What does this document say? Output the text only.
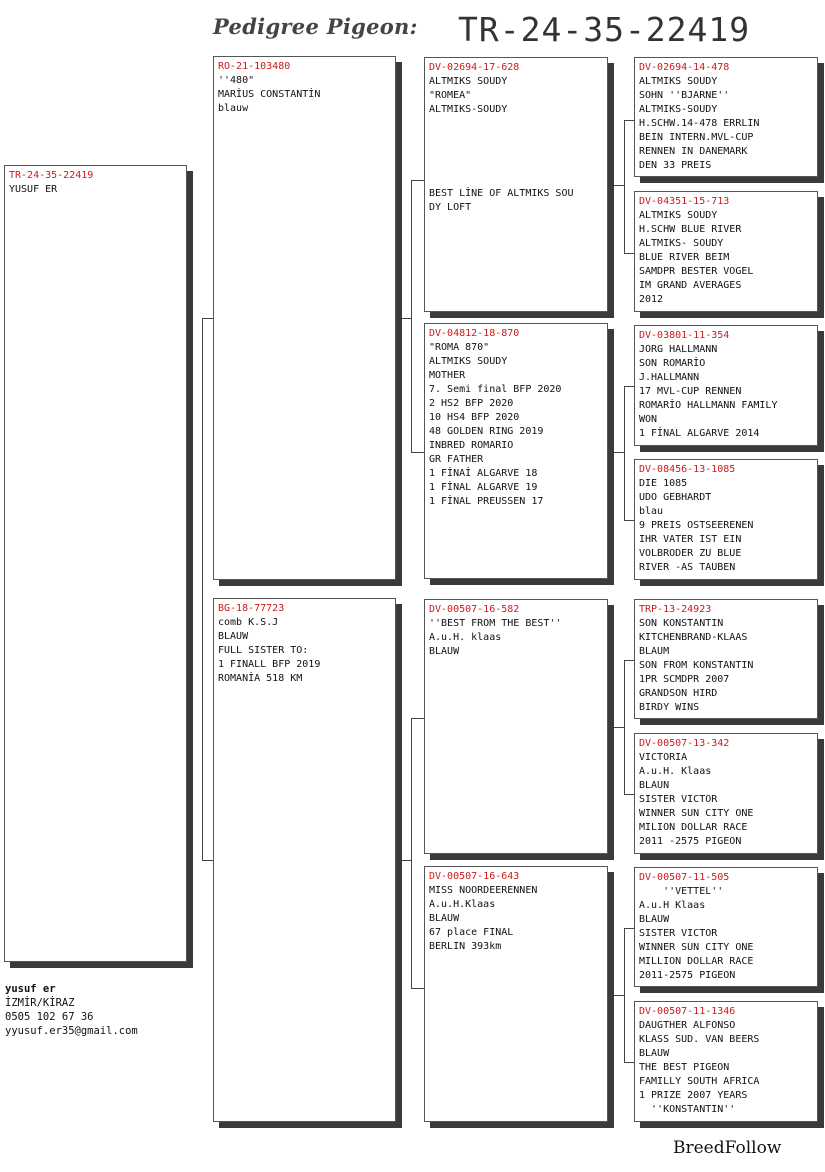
Pedigree Pigeon: TR-24-35-22419
TR-24-35-22419
YUSUF ER
RO-21-103480
''480"
MARİUS CONSTANTİN
blauw
BG-18-77723
comb K.S.J
BLAUW
FULL SISTER TO:
1 FINALL BFP 2019
ROMANİA 518 KM
DV-02694-17-628
ALTMIKS SOUDY
"ROMEA"
ALTMIKS-SOUDY

BEST LİNE OF ALTMIKS SOU
DY LOFT
DV-04812-18-870
"ROMA 870"
ALTMIKS SOUDY
MOTHER
7. Semi final BFP 2020
2 HS2 BFP 2020
10 HS4 BFP 2020
48 GOLDEN RING 2019
INBRED ROMARIO
GR FATHER
1 FİNAİ ALGARVE 18
1 FİNAL ALGARVE 19
1 FİNAL PREUSSEN 17
DV-00507-16-582
''BEST FROM THE BEST''
A.u.H. klaas
BLAUW
DV-00507-16-643
MISS NOORDEERENNEN
A.u.H.Klaas
BLAUW
67 place FINAL
BERLIN 393km
DV-02694-14-478
ALTMIKS SOUDY
SOHN ''BJARNE''
ALTMIKS-SOUDY
H.SCHW.14-478 ERRLIN
BEIN INTERN.MVL-CUP
RENNEN IN DANEMARK
DEN 33 PREIS
DV-04351-15-713
ALTMIKS SOUDY
H.SCHW BLUE RIVER
ALTMIKS- SOUDY
BLUE RIVER BEIM
SAMDPR BESTER VOGEL
IM GRAND AVERAGES
2012
DV-03801-11-354
JORG HALLMANN
SON ROMARİO
J.HALLMANN
17 MVL-CUP RENNEN
ROMARİO HALLMANN FAMILY
WON
1 FİNAL ALGARVE 2014
DV-08456-13-1085
DIE 1085
UDO GEBHARDT
blau
9 PREIS OSTSEERENEN
IHR VATER IST EIN
VOLBRODER ZU BLUE
RIVER -AS TAUBEN
TRP-13-24923
SON KONSTANTIN
KITCHENBRAND-KLAAS
BLAUM
SON FROM KONSTANTIN
1PR SCMDPR 2007
GRANDSON HIRD
BIRDY WINS
DV-00507-13-342
VICTORIA
A.u.H. Klaas
BLAUN
SISTER VICTOR
WINNER SUN CITY ONE
MILION DOLLAR RACE
2011 -2575 PIGEON
DV-00507-11-505
''VETTEL''
A.u.H Klaas
BLAUW
SISTER VICTOR
WINNER SUN CITY ONE
MILLION DOLLAR RACE
2011-2575 PIGEON
DV-00507-11-1346
DAUGTHER ALFONSO
KLASS SUD. VAN BEERS
BLAUW
THE BEST PIGEON
FAMILLY SOUTH AFRICA
1 PRIZE 2007 YEARS
''KONSTANTIN''
yusuf er
İZMİR/KİRAZ
0505 102 67 36
yyusuf.er35@gmail.com
BreedFollow
